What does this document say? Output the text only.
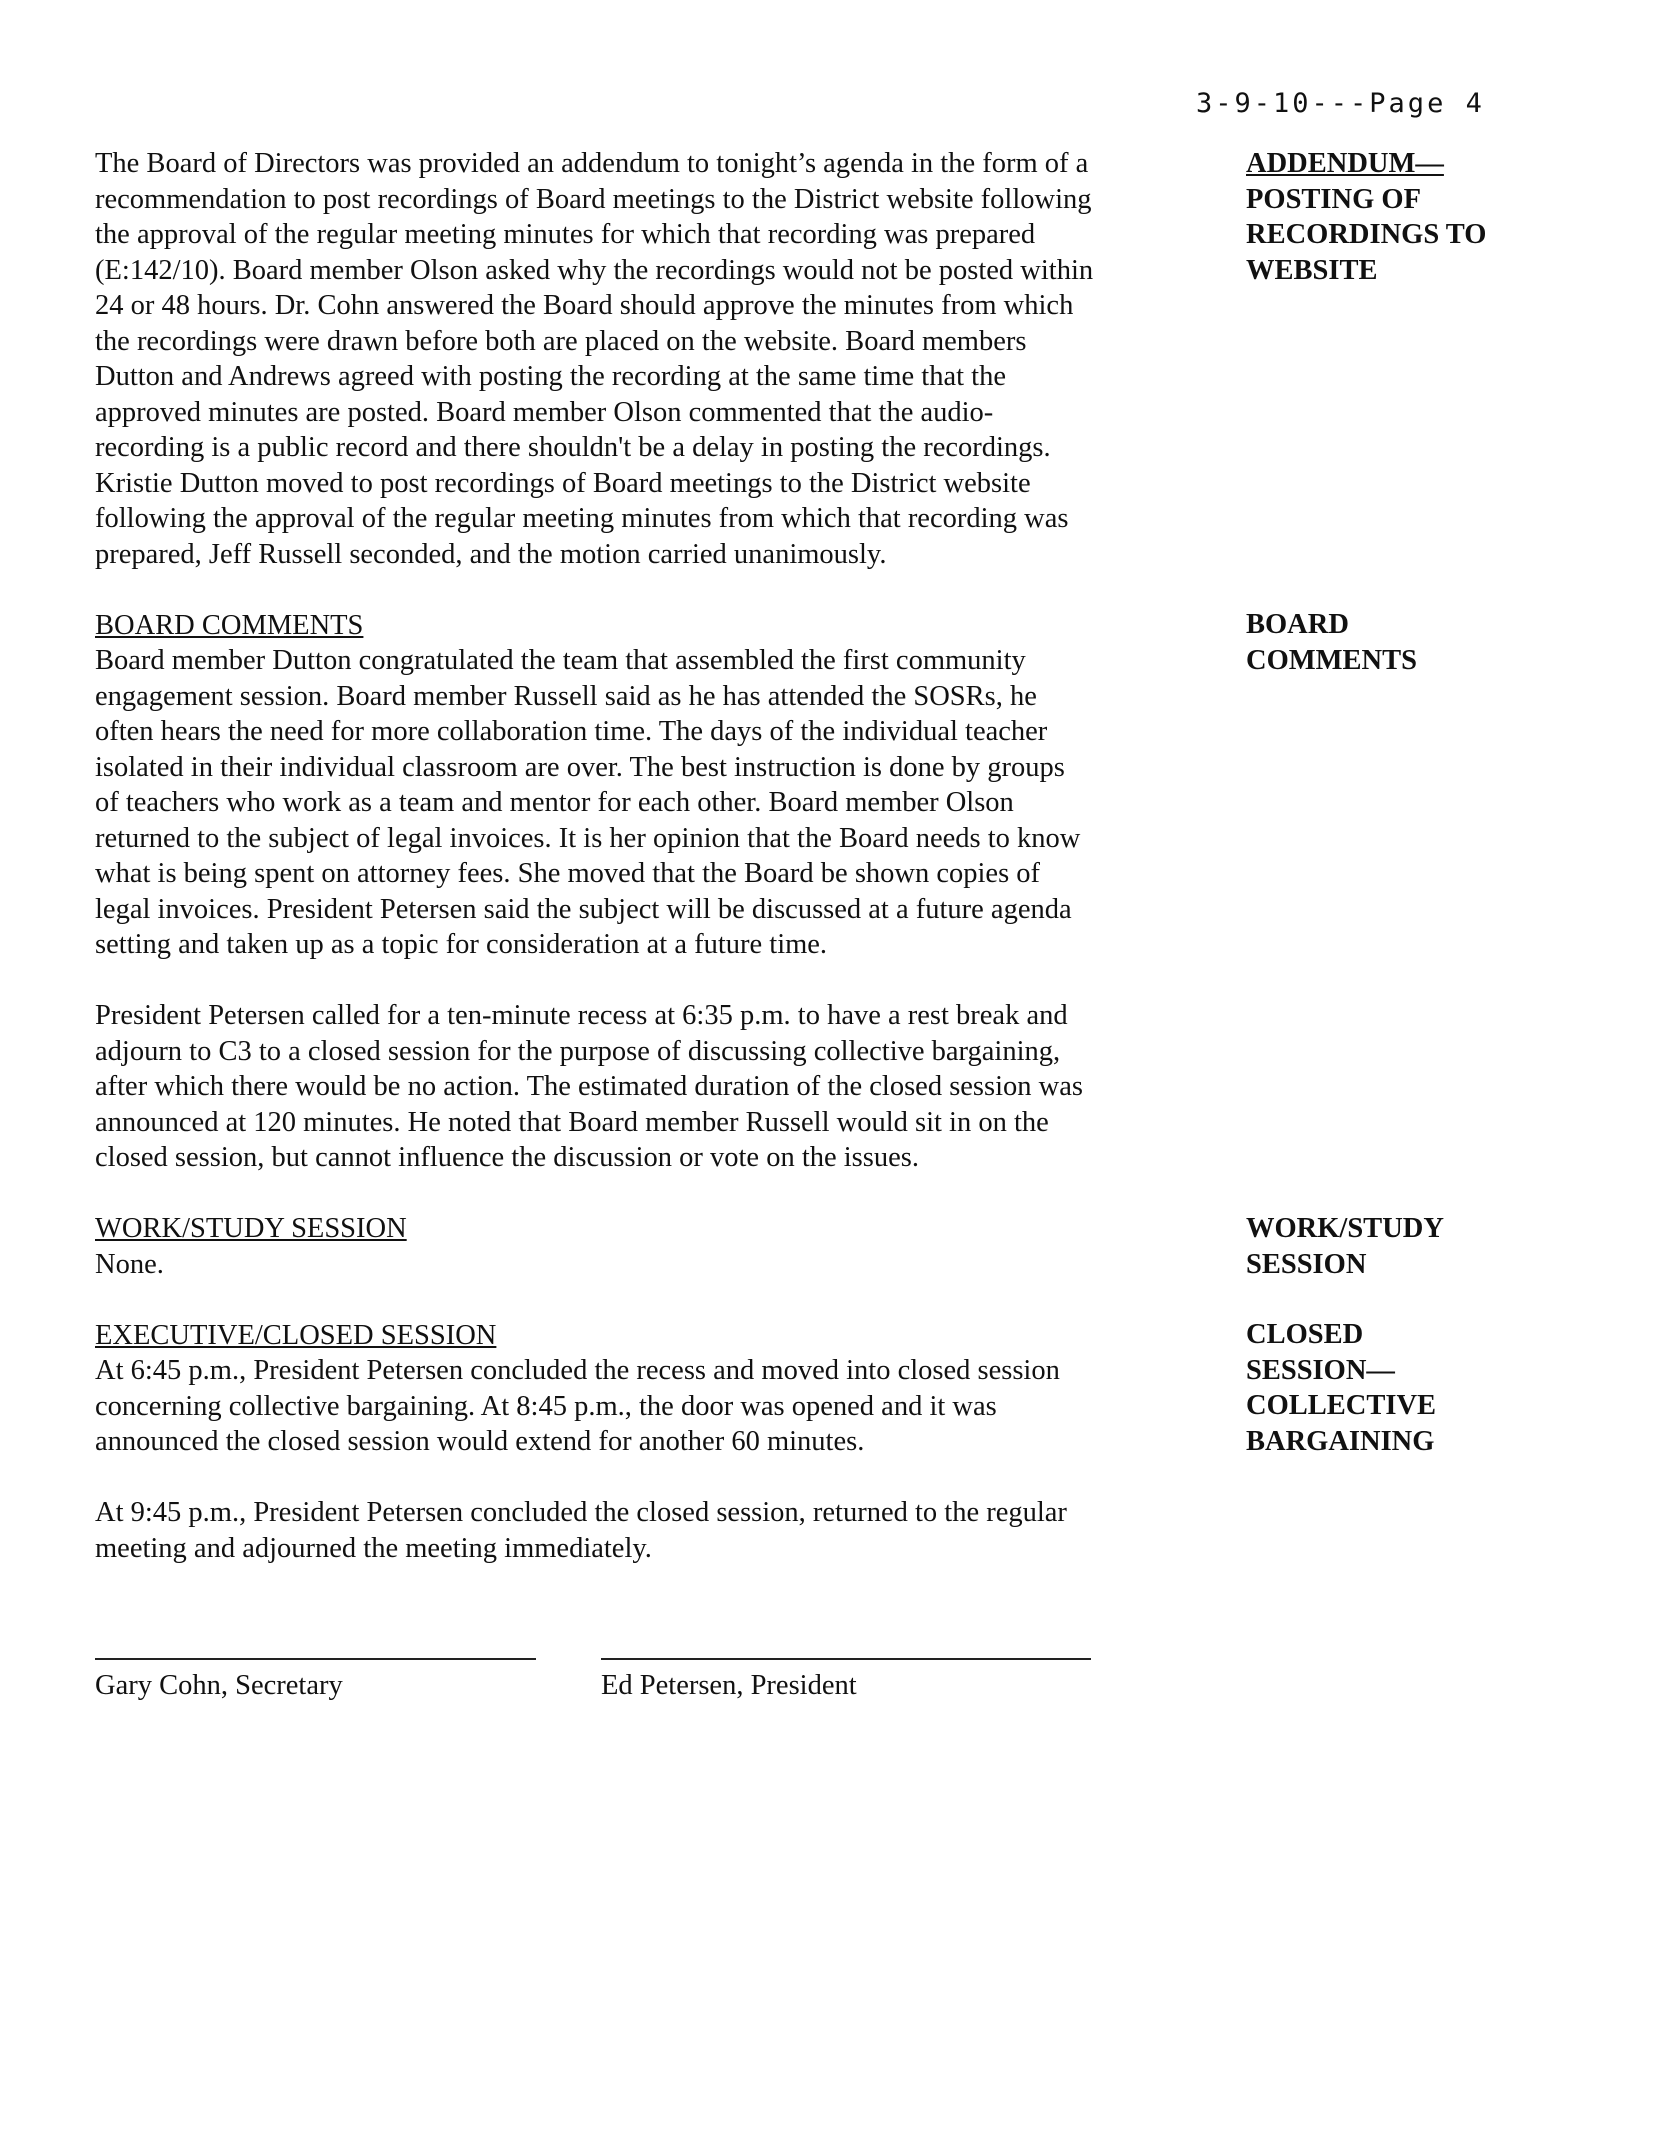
3-9-10---Page 4
The Board of Directors was provided an addendum to tonight’s agenda in the form of a
recommendation to post recordings of Board meetings to the District website following
the approval of the regular meeting minutes for which that recording was prepared
(E:142/10). Board member Olson asked why the recordings would not be posted within
24 or 48 hours. Dr. Cohn answered the Board should approve the minutes from which
the recordings were drawn before both are placed on the website. Board members
Dutton and Andrews agreed with posting the recording at the same time that the
approved minutes are posted. Board member Olson commented that the audio-
recording is a public record and there shouldn't be a delay in posting the recordings.
Kristie Dutton moved to post recordings of Board meetings to the District website
following the approval of the regular meeting minutes from which that recording was
prepared, Jeff Russell seconded, and the motion carried unanimously.
BOARD COMMENTS
Board member Dutton congratulated the team that assembled the first community
engagement session. Board member Russell said as he has attended the SOSRs, he
often hears the need for more collaboration time. The days of the individual teacher
isolated in their individual classroom are over. The best instruction is done by groups
of teachers who work as a team and mentor for each other. Board member Olson
returned to the subject of legal invoices. It is her opinion that the Board needs to know
what is being spent on attorney fees. She moved that the Board be shown copies of
legal invoices. President Petersen said the subject will be discussed at a future agenda
setting and taken up as a topic for consideration at a future time.
President Petersen called for a ten-minute recess at 6:35 p.m. to have a rest break and
adjourn to C3 to a closed session for the purpose of discussing collective bargaining,
after which there would be no action. The estimated duration of the closed session was
announced at 120 minutes. He noted that Board member Russell would sit in on the
closed session, but cannot influence the discussion or vote on the issues.
WORK/STUDY SESSION
None.
EXECUTIVE/CLOSED SESSION
At 6:45 p.m., President Petersen concluded the recess and moved into closed session
concerning collective bargaining. At 8:45 p.m., the door was opened and it was
announced the closed session would extend for another 60 minutes.
At 9:45 p.m., President Petersen concluded the closed session, returned to the regular
meeting and adjourned the meeting immediately.
ADDENDUM—
POSTING OF
RECORDINGS TO
WEBSITE
BOARD
COMMENTS
WORK/STUDY
SESSION
CLOSED
SESSION—
COLLECTIVE
BARGAINING
Gary Cohn, Secretary	Ed Petersen, President
